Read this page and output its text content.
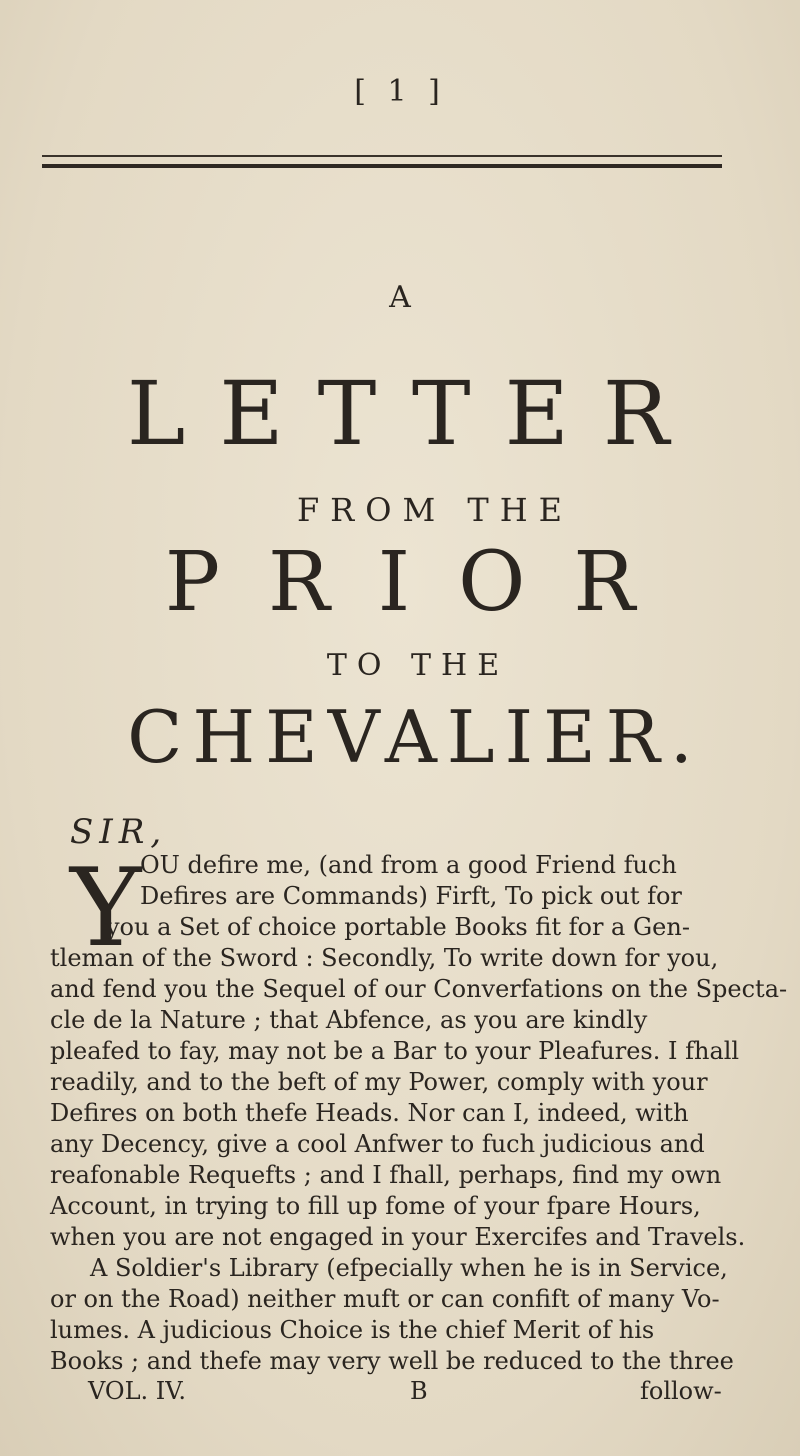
[ 1 ]
A
LETTER
FROM THE
PRIOR
TO THE
CHEVALIER.
SIR,
Y
OU defire me, (and from a good Friend fuch
Defires are Commands) Firft, To pick out for
you a Set of choice portable Books fit for a Gen-
tleman of the Sword : Secondly, To write down for you,
and fend you the Sequel of our Converfations on the Specta-
cle de la Nature ; that Abfence, as you are kindly
pleafed to fay, may not be a Bar to your Pleafures. I fhall
readily, and to the beft of my Power, comply with your
Defires on both thefe Heads. Nor can I, indeed, with
any Decency, give a cool Anfwer to fuch judicious and
reafonable Requefts ; and I fhall, perhaps, find my own
Account, in trying to fill up fome of your fpare Hours,
when you are not engaged in your Exercifes and Travels.
A Soldier's Library (efpecially when he is in Service,
or on the Road) neither muft or can confift of many Vo-
lumes. A judicious Choice is the chief Merit of his
Books ; and thefe may very well be reduced to the three
VOL. IV.	B	follow-
